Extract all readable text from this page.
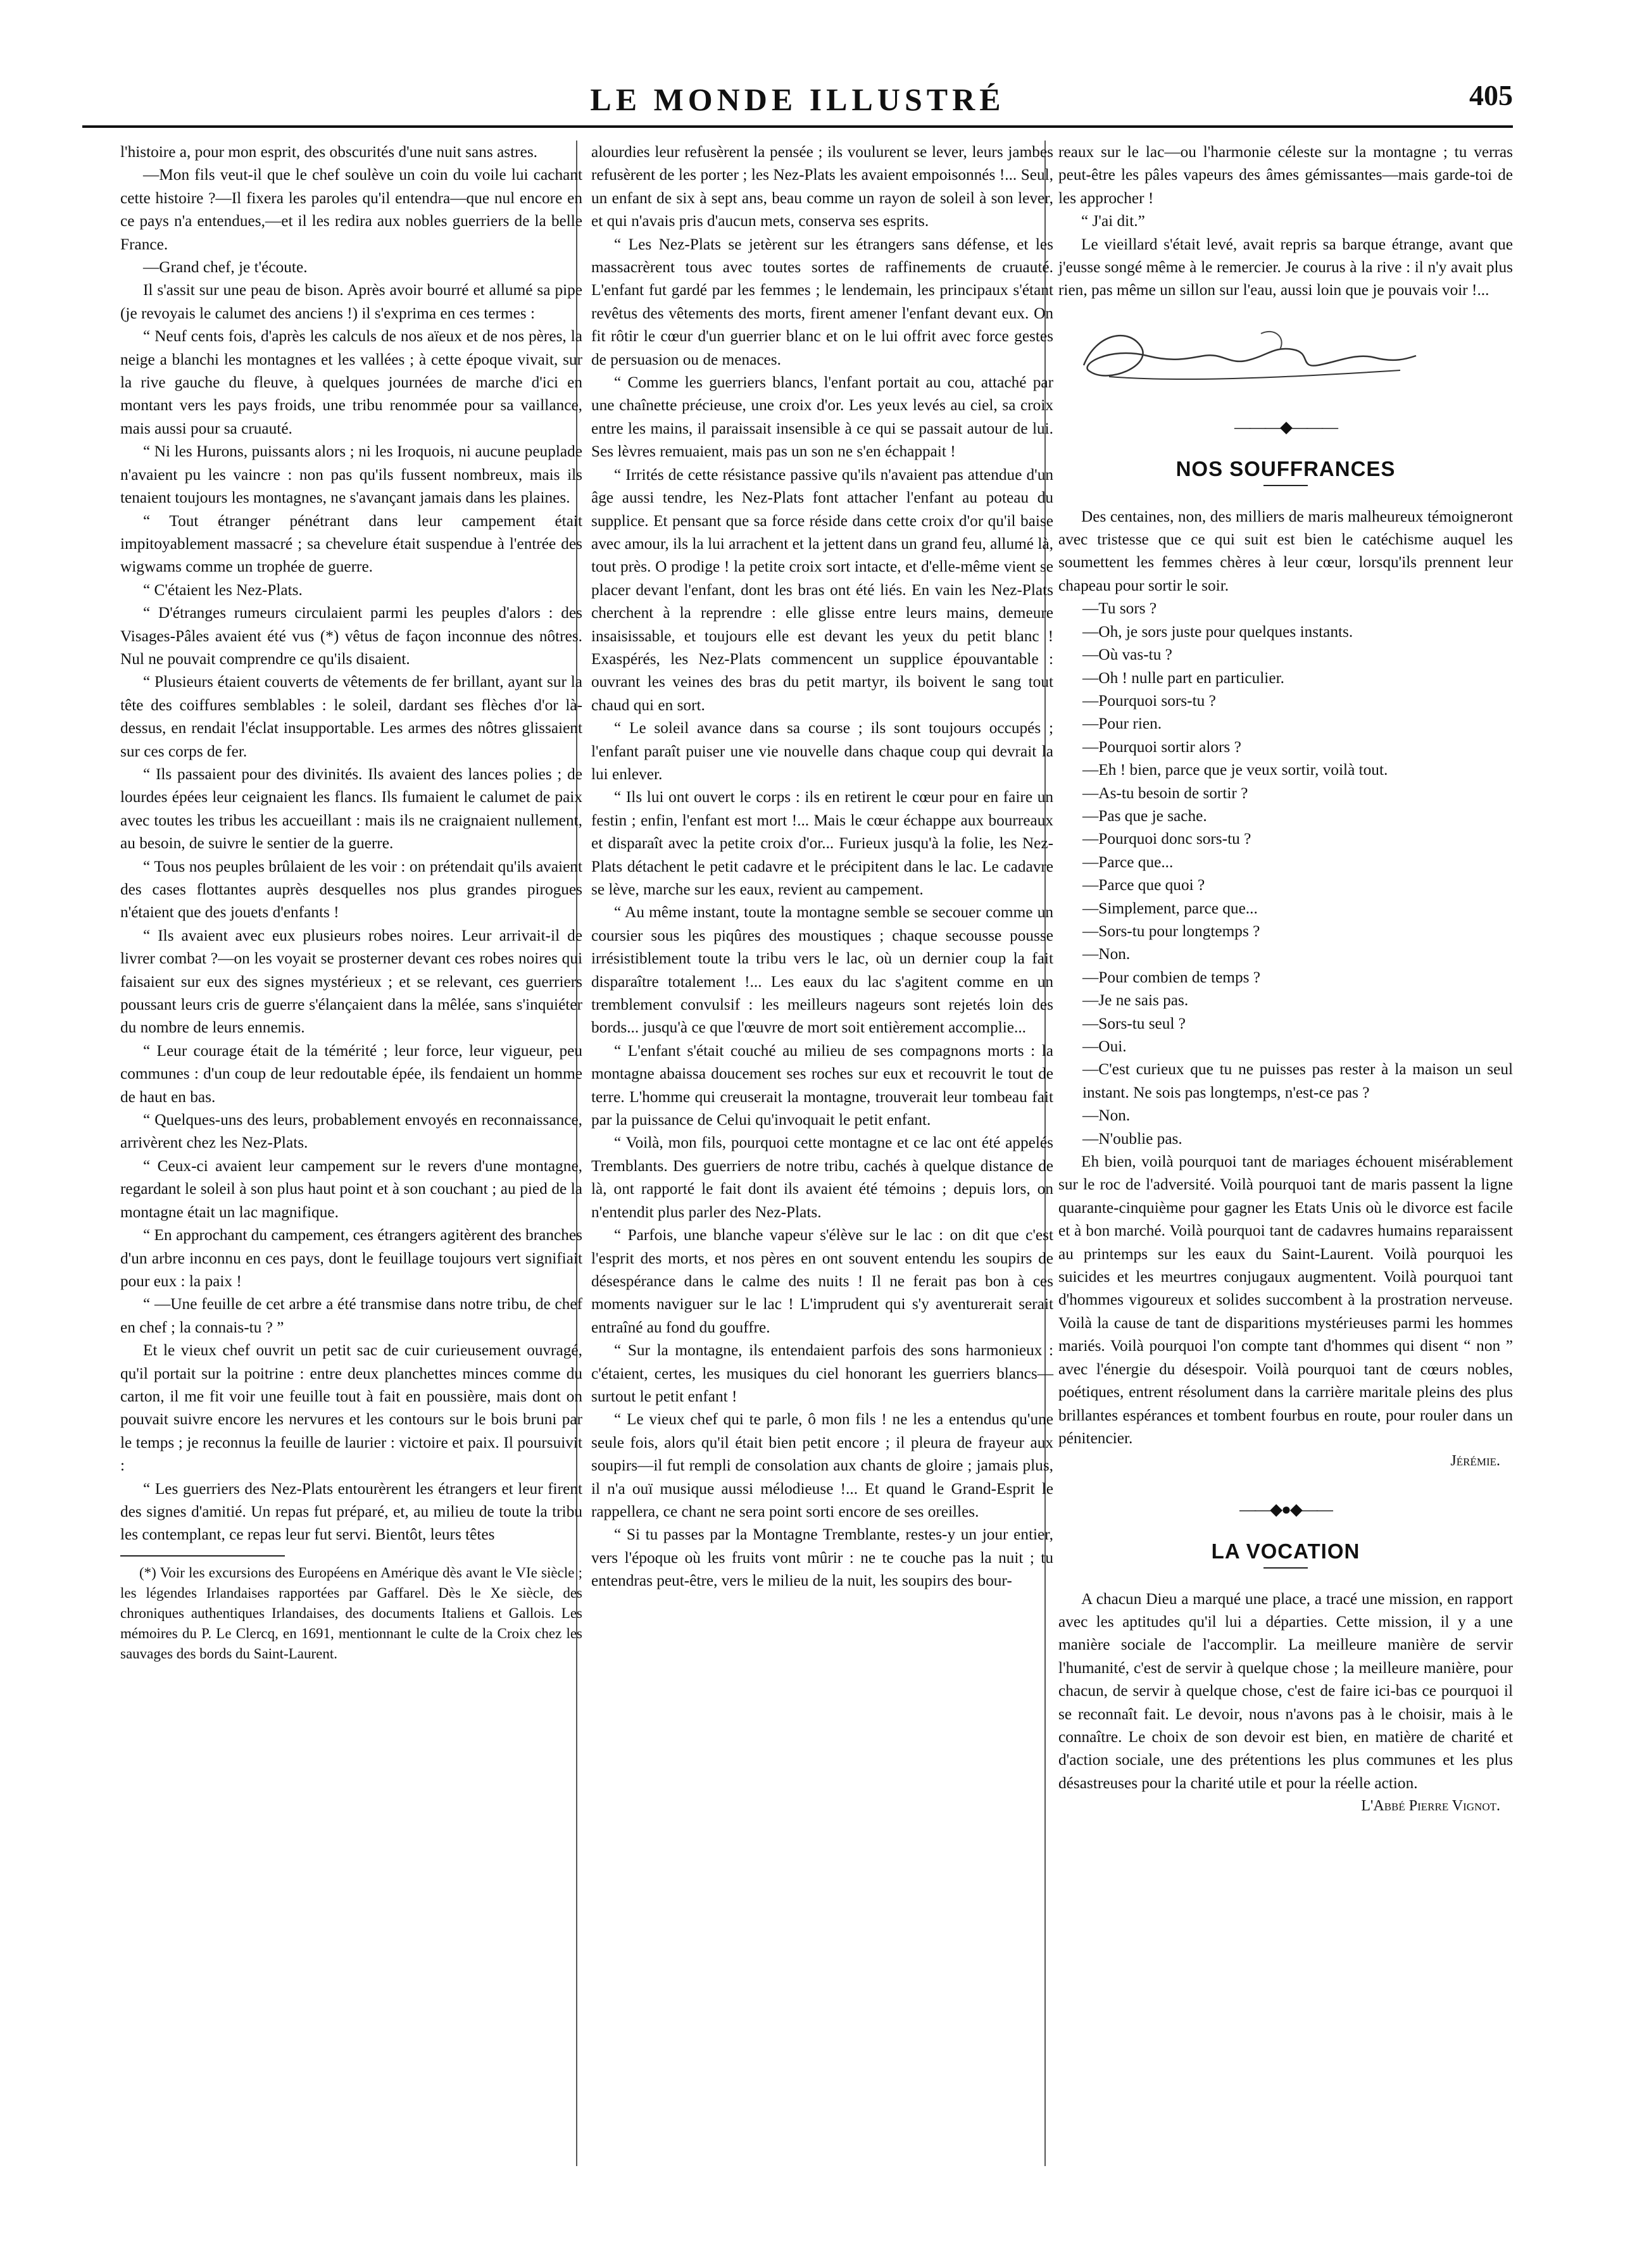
LE MONDE ILLUSTRÉ	405

l'histoire a, pour mon esprit, des obscurités d'une nuit sans astres.

—Mon fils veut-il que le chef soulève un coin du voile lui cachant cette histoire ?—Il fixera les paroles qu'il entendra—que nul encore en ce pays n'a entendues,—et il les redira aux nobles guerriers de la belle France.

—Grand chef, je t'écoute.

Il s'assit sur une peau de bison. Après avoir bourré et allumé sa pipe (je revoyais le calumet des anciens !) il s'exprima en ces termes :

“ Neuf cents fois, d'après les calculs de nos aïeux et de nos pères, la neige a blanchi les montagnes et les vallées ; à cette époque vivait, sur la rive gauche du fleuve, à quelques journées de marche d'ici en montant vers les pays froids, une tribu renommée pour sa vaillance, mais aussi pour sa cruauté.

“ Ni les Hurons, puissants alors ; ni les Iroquois, ni aucune peuplade n'avaient pu les vaincre : non pas qu'ils fussent nombreux, mais ils tenaient toujours les montagnes, ne s'avançant jamais dans les plaines.

“ Tout étranger pénétrant dans leur campement était impitoyablement massacré ; sa chevelure était suspendue à l'entrée des wigwams comme un trophée de guerre.

“ C'étaient les Nez-Plats.

“ D'étranges rumeurs circulaient parmi les peuples d'alors : des Visages-Pâles avaient été vus (*) vêtus de façon inconnue des nôtres. Nul ne pouvait comprendre ce qu'ils disaient.

“ Plusieurs étaient couverts de vêtements de fer brillant, ayant sur la tête des coiffures semblables : le soleil, dardant ses flèches d'or là-dessus, en rendait l'éclat insupportable. Les armes des nôtres glissaient sur ces corps de fer.

“ Ils passaient pour des divinités. Ils avaient des lances polies ; de lourdes épées leur ceignaient les flancs. Ils fumaient le calumet de paix avec toutes les tribus les accueillant : mais ils ne craignaient nullement, au besoin, de suivre le sentier de la guerre.

“ Tous nos peuples brûlaient de les voir : on prétendait qu'ils avaient des cases flottantes auprès desquelles nos plus grandes pirogues n'étaient que des jouets d'enfants !

“ Ils avaient avec eux plusieurs robes noires. Leur arrivait-il de livrer combat ?—on les voyait se prosterner devant ces robes noires qui faisaient sur eux des signes mystérieux ; et se relevant, ces guerriers poussant leurs cris de guerre s'élançaient dans la mêlée, sans s'inquiéter du nombre de leurs ennemis.

“ Leur courage était de la témérité ; leur force, leur vigueur, peu communes : d'un coup de leur redoutable épée, ils fendaient un homme de haut en bas.

“ Quelques-uns des leurs, probablement envoyés en reconnaissance, arrivèrent chez les Nez-Plats.

“ Ceux-ci avaient leur campement sur le revers d'une montagne, regardant le soleil à son plus haut point et à son couchant ; au pied de la montagne était un lac magnifique.

“ En approchant du campement, ces étrangers agitèrent des branches d'un arbre inconnu en ces pays, dont le feuillage toujours vert signifiait pour eux : la paix !

“ —Une feuille de cet arbre a été transmise dans notre tribu, de chef en chef ; la connais-tu ? ”

Et le vieux chef ouvrit un petit sac de cuir curieusement ouvragé, qu'il portait sur la poitrine : entre deux planchettes minces comme du carton, il me fit voir une feuille tout à fait en poussière, mais dont on pouvait suivre encore les nervures et les contours sur le bois bruni par le temps ; je reconnus la feuille de laurier : victoire et paix. Il poursuivit :

“ Les guerriers des Nez-Plats entourèrent les étrangers et leur firent des signes d'amitié. Un repas fut préparé, et, au milieu de toute la tribu les contemplant, ce repas leur fut servi. Bientôt, leurs têtes

(*) Voir les excursions des Européens en Amérique dès avant le VIe siècle ; les légendes Irlandaises rapportées par Gaffarel. Dès le Xe siècle, des chroniques authentiques Irlandaises, des documents Italiens et Gallois. Les mémoires du P. Le Clercq, en 1691, mentionnant le culte de la Croix chez les sauvages des bords du Saint-Laurent.

alourdies leur refusèrent la pensée ; ils voulurent se lever, leurs jambes refusèrent de les porter ; les Nez-Plats les avaient empoisonnés !... Seul, un enfant de six à sept ans, beau comme un rayon de soleil à son lever, et qui n'avais pris d'aucun mets, conserva ses esprits.

“ Les Nez-Plats se jetèrent sur les étrangers sans défense, et les massacrèrent tous avec toutes sortes de raffinements de cruauté. L'enfant fut gardé par les femmes ; le lendemain, les principaux s'étant revêtus des vêtements des morts, firent amener l'enfant devant eux. On fit rôtir le cœur d'un guerrier blanc et on le lui offrit avec force gestes de persuasion ou de menaces.

“ Comme les guerriers blancs, l'enfant portait au cou, attaché par une chaînette précieuse, une croix d'or. Les yeux levés au ciel, sa croix entre les mains, il paraissait insensible à ce qui se passait autour de lui. Ses lèvres remuaient, mais pas un son ne s'en échappait !

“ Irrités de cette résistance passive qu'ils n'avaient pas attendue d'un âge aussi tendre, les Nez-Plats font attacher l'enfant au poteau du supplice. Et pensant que sa force réside dans cette croix d'or qu'il baise avec amour, ils la lui arrachent et la jettent dans un grand feu, allumé là, tout près. O prodige ! la petite croix sort intacte, et d'elle-même vient se placer devant l'enfant, dont les bras ont été liés. En vain les Nez-Plats cherchent à la reprendre : elle glisse entre leurs mains, demeure insaisissable, et toujours elle est devant les yeux du petit blanc ! Exaspérés, les Nez-Plats commencent un supplice épouvantable : ouvrant les veines des bras du petit martyr, ils boivent le sang tout chaud qui en sort.

“ Le soleil avance dans sa course ; ils sont toujours occupés ; l'enfant paraît puiser une vie nouvelle dans chaque coup qui devrait la lui enlever.

“ Ils lui ont ouvert le corps : ils en retirent le cœur pour en faire un festin ; enfin, l'enfant est mort !... Mais le cœur échappe aux bourreaux et disparaît avec la petite croix d'or... Furieux jusqu'à la folie, les Nez-Plats détachent le petit cadavre et le précipitent dans le lac. Le cadavre se lève, marche sur les eaux, revient au campement.

“ Au même instant, toute la montagne semble se secouer comme un coursier sous les piqûres des moustiques ; chaque secousse pousse irrésistiblement toute la tribu vers le lac, où un dernier coup la fait disparaître totalement !... Les eaux du lac s'agitent comme en un tremblement convulsif : les meilleurs nageurs sont rejetés loin des bords... jusqu'à ce que l'œuvre de mort soit entièrement accomplie...

“ L'enfant s'était couché au milieu de ses compagnons morts : la montagne abaissa doucement ses roches sur eux et recouvrit le tout de terre. L'homme qui creuserait la montagne, trouverait leur tombeau fait par la puissance de Celui qu'invoquait le petit enfant.

“ Voilà, mon fils, pourquoi cette montagne et ce lac ont été appelés Tremblants. Des guerriers de notre tribu, cachés à quelque distance de là, ont rapporté le fait dont ils avaient été témoins ; depuis lors, on n'entendit plus parler des Nez-Plats.

“ Parfois, une blanche vapeur s'élève sur le lac : on dit que c'est l'esprit des morts, et nos pères en ont souvent entendu les soupirs de désespérance dans le calme des nuits ! Il ne ferait pas bon à ces moments naviguer sur le lac ! L'imprudent qui s'y aventurerait serait entraîné au fond du gouffre.

“ Sur la montagne, ils entendaient parfois des sons harmonieux : c'étaient, certes, les musiques du ciel honorant les guerriers blancs—surtout le petit enfant !

“ Le vieux chef qui te parle, ô mon fils ! ne les a entendus qu'une seule fois, alors qu'il était bien petit encore ; il pleura de frayeur aux soupirs—il fut rempli de consolation aux chants de gloire ; jamais plus, il n'a ouï musique aussi mélodieuse !... Et quand le Grand-Esprit le rappellera, ce chant ne sera point sorti encore de ses oreilles.

“ Si tu passes par la Montagne Tremblante, restes-y un jour entier, vers l'époque où les fruits vont mûrir : ne te couche pas la nuit ; tu entendras peut-être, vers le milieu de la nuit, les soupirs des bour-

reaux sur le lac—ou l'harmonie céleste sur la montagne ; tu verras peut-être les pâles vapeurs des âmes gémissantes—mais garde-toi de les approcher !

“ J'ai dit.”

Le vieillard s'était levé, avait repris sa barque étrange, avant que j'eusse songé même à le remercier. Je courus à la rive : il n'y avait plus rien, pas même un sillon sur l'eau, aussi loin que je pouvais voir !...

———◆———
NOS SOUFFRANCES

Des centaines, non, des milliers de maris malheureux témoigneront avec tristesse que ce qui suit est bien le catéchisme auquel les soumettent les femmes chères à leur cœur, lorsqu'ils prennent leur chapeau pour sortir le soir.

—Tu sors ?

—Oh, je sors juste pour quelques instants.

—Où vas-tu ?

—Oh ! nulle part en particulier.

—Pourquoi sors-tu ?

—Pour rien.

—Pourquoi sortir alors ?

—Eh ! bien, parce que je veux sortir, voilà tout.

—As-tu besoin de sortir ?

—Pas que je sache.

—Pourquoi donc sors-tu ?

—Parce que...

—Parce que quoi ?

—Simplement, parce que...

—Sors-tu pour longtemps ?

—Non.

—Pour combien de temps ?

—Je ne sais pas.

—Sors-tu seul ?

—Oui.

—C'est curieux que tu ne puisses pas rester à la maison un seul instant. Ne sois pas longtemps, n'est-ce pas ?

—Non.

—N'oublie pas.

Eh bien, voilà pourquoi tant de mariages échouent misérablement sur le roc de l'adversité. Voilà pourquoi tant de maris passent la ligne quarante-cinquième pour gagner les Etats Unis où le divorce est facile et à bon marché. Voilà pourquoi tant de cadavres humains reparaissent au printemps sur les eaux du Saint-Laurent. Voilà pourquoi les suicides et les meurtres conjugaux augmentent. Voilà pourquoi tant d'hommes vigoureux et solides succombent à la prostration nerveuse. Voilà la cause de tant de disparitions mystérieuses parmi les hommes mariés. Voilà pourquoi l'on compte tant d'hommes qui disent “ non ” avec l'énergie du désespoir. Voilà pourquoi tant de cœurs nobles, poétiques, entrent résolument dans la carrière maritale pleins des plus brillantes espérances et tombent fourbus en route, pour rouler dans un pénitencier.

Jérémie.
——◆●◆——
LA VOCATION

A chacun Dieu a marqué une place, a tracé une mission, en rapport avec les aptitudes qu'il lui a départies. Cette mission, il y a une manière sociale de l'accomplir. La meilleure manière de servir l'humanité, c'est de servir à quelque chose ; la meilleure manière, pour chacun, de servir à quelque chose, c'est de faire ici-bas ce pourquoi il se reconnaît fait. Le devoir, nous n'avons pas à le choisir, mais à le connaître. Le choix de son devoir est bien, en matière de charité et d'action sociale, une des prétentions les plus communes et les plus désastreuses pour la charité utile et pour la réelle action.

L'Abbé Pierre Vignot.
